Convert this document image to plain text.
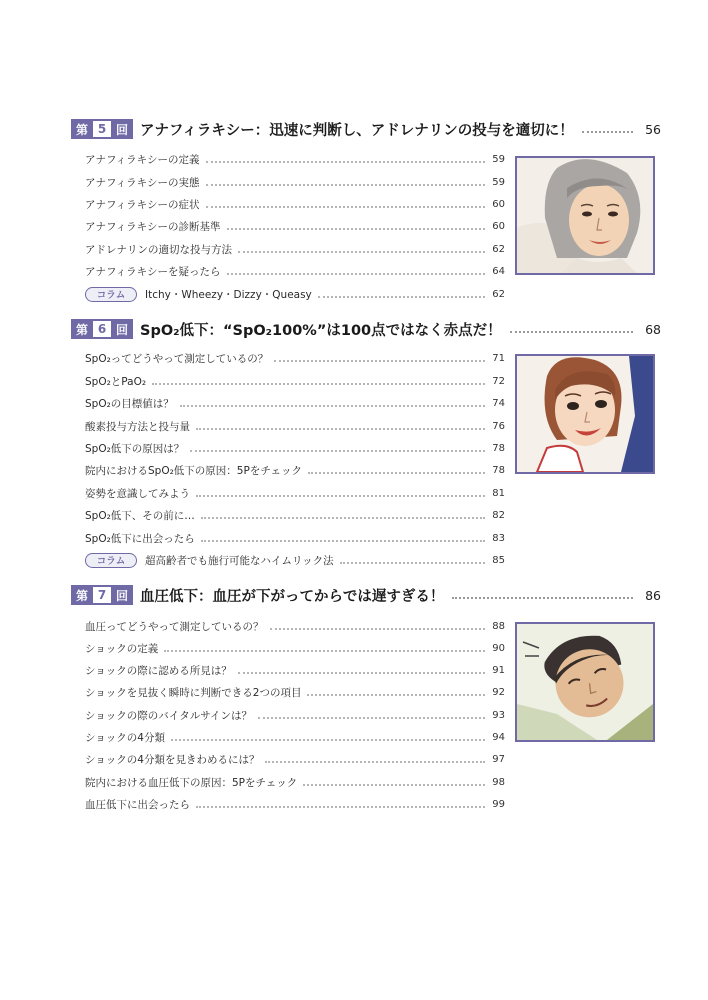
第 5 回 アナフィラキシー：迅速に判断し、アドレナリンの投与を適切に！	56
アナフィラキシーの定義	59
アナフィラキシーの実態	59
アナフィラキシーの症状	60
アナフィラキシーの診断基準	60
アドレナリンの適切な投与方法	62
アナフィラキシーを疑ったら	64
コラム	Itchy・Wheezy・Dizzy・Queasy	62
第 6 回 SpO₂低下：“SpO₂100%”は100点ではなく赤点だ！	68
SpO₂ってどうやって測定しているの？	71
SpO₂とPaO₂	72
SpO₂の目標値は？	74
酸素投与方法と投与量	76
SpO₂低下の原因は？	78
院内におけるSpO₂低下の原因：5Pをチェック	78
姿勢を意識してみよう	81
SpO₂低下、その前に…	82
SpO₂低下に出会ったら	83
コラム	超高齢者でも施行可能なハイムリック法	85
第 7 回 血圧低下：血圧が下がってからでは遅すぎる！	86
血圧ってどうやって測定しているの？	88
ショックの定義	90
ショックの際に認める所見は？	91
ショックを見抜く瞬時に判断できる2つの項目	92
ショックの際のバイタルサインは？	93
ショックの4分類	94
ショックの4分類を見きわめるには？	97
院内における血圧低下の原因：5Pをチェック	98
血圧低下に出会ったら	99
